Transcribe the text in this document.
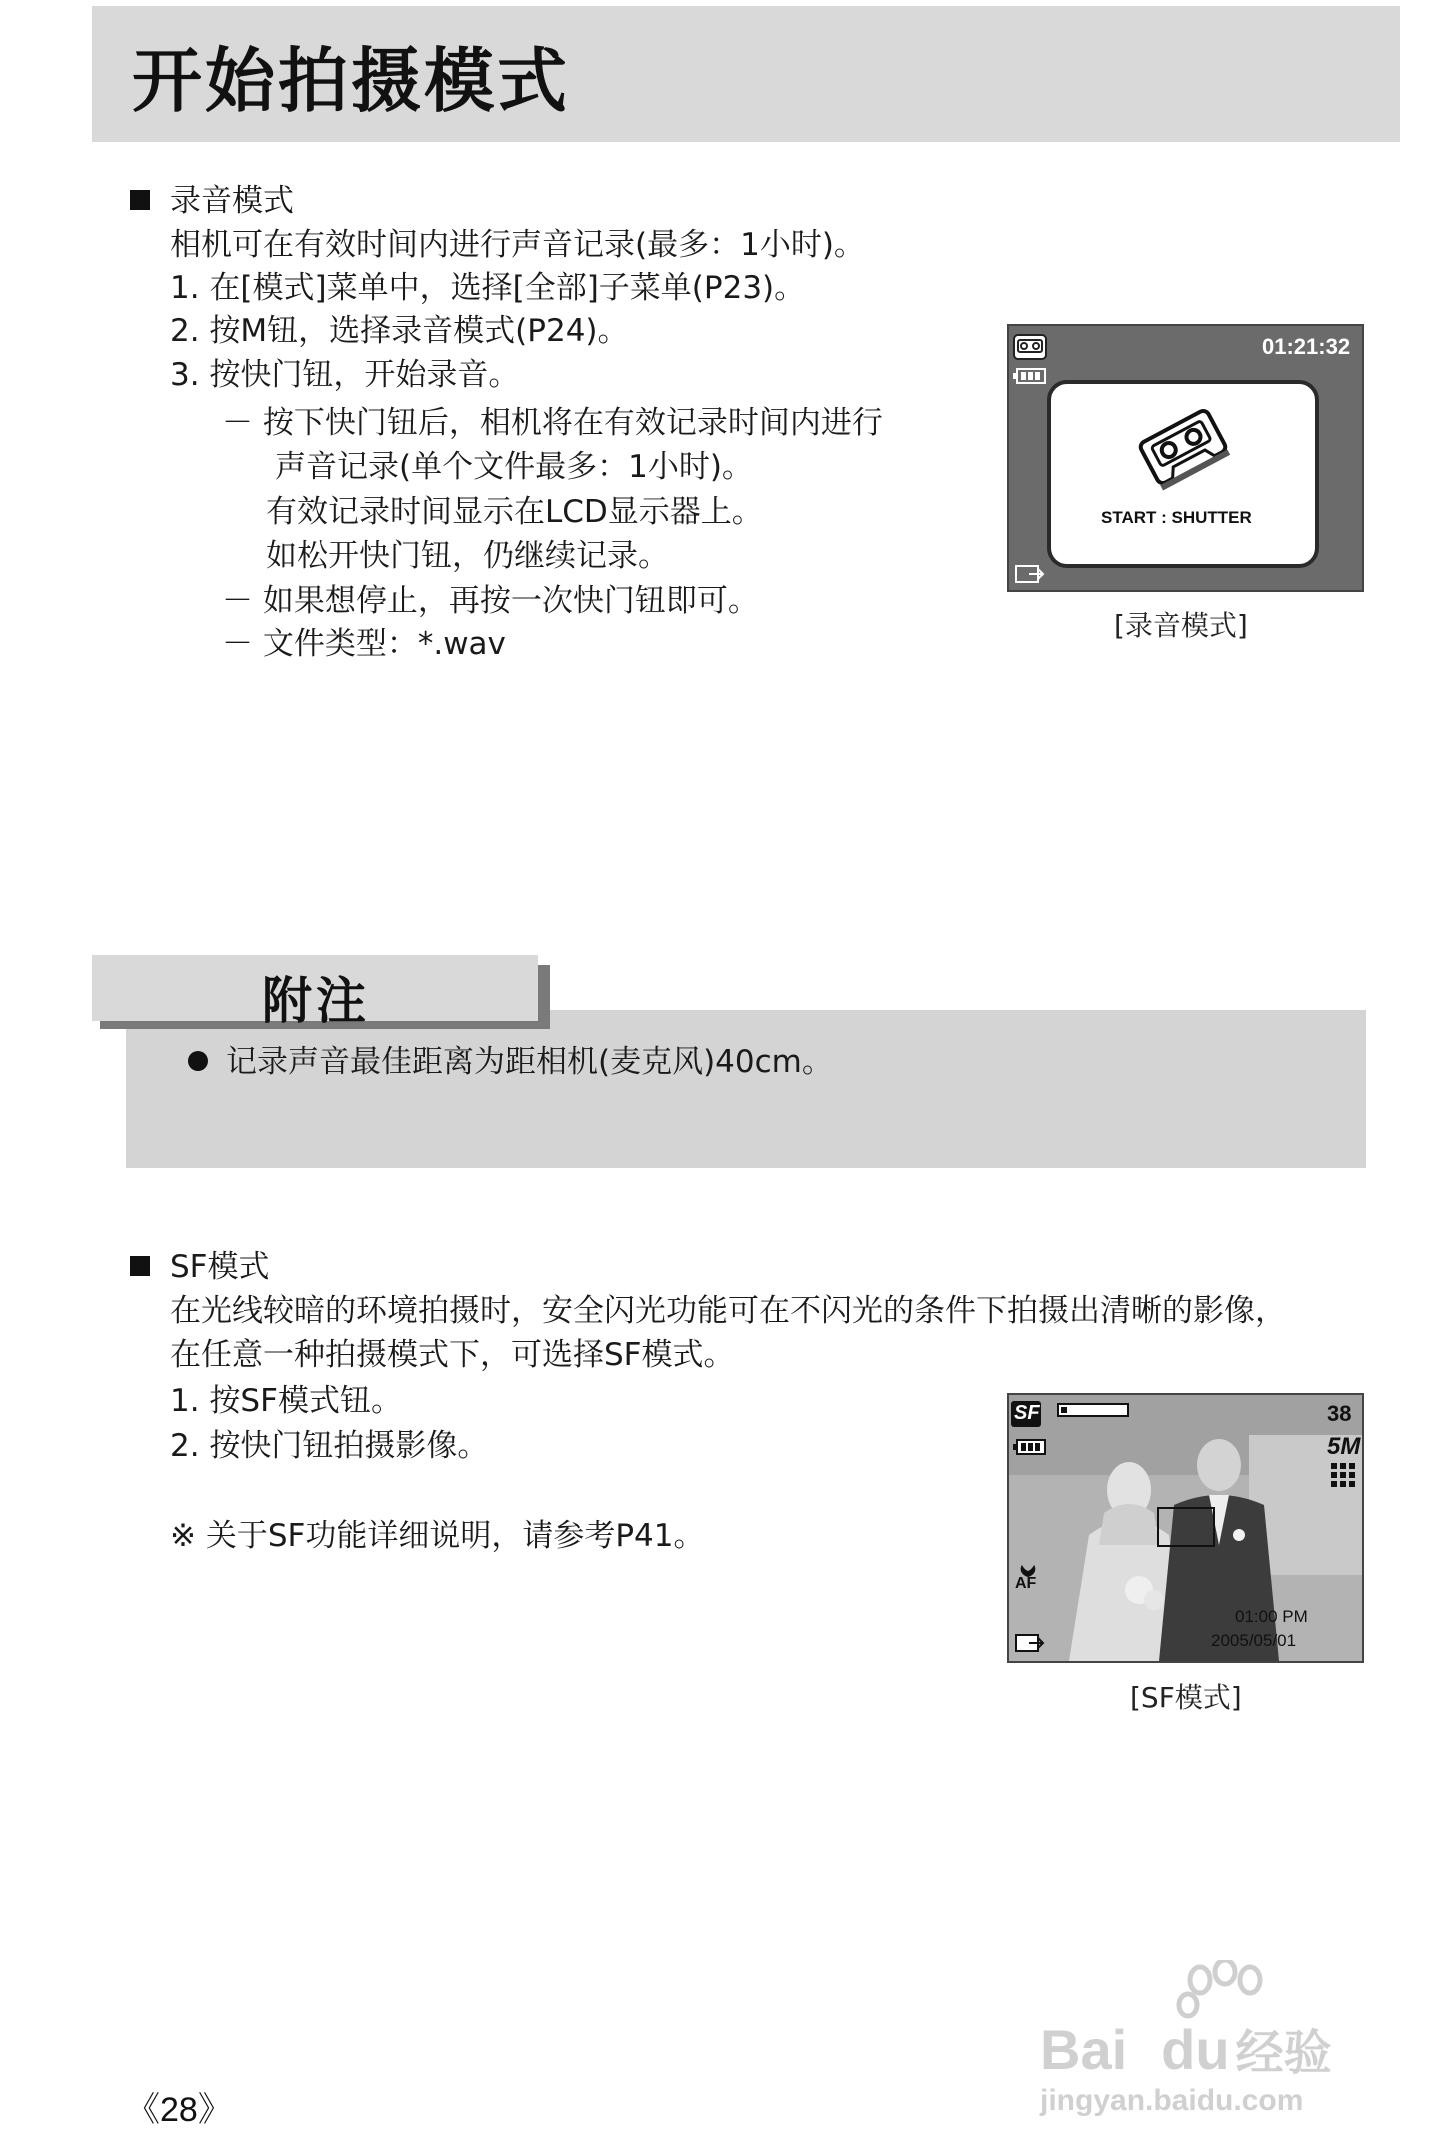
开始拍摄模式
录音模式
相机可在有效时间内进行声音记录(最多：1小时)。
1. 在[模式]菜单中，选择[全部]子菜单(P23)。
2. 按M钮，选择录音模式(P24)。
3. 按快门钮，开始录音。
－ 按下快门钮后，相机将在有效记录时间内进行
声音记录(单个文件最多：1小时)。
有效记录时间显示在LCD显示器上。
如松开快门钮，仍继续记录。
－ 如果想停止，再按一次快门钮即可。
－ 文件类型：*.wav
01:21:32
START : SHUTTER
[录音模式]
附注
记录声音最佳距离为距相机(麦克风)40cm。
SF模式
在光线较暗的环境拍摄时，安全闪光功能可在不闪光的条件下拍摄出清晰的影像，
在任意一种拍摄模式下，可选择SF模式。
1. 按SF模式钮。
2. 按快门钮拍摄影像。
※ 关于SF功能详细说明，请参考P41。
SF	38
5M
AF
01:00 PM
2005/05/01
[SF模式]
《28》
Bai du 经验
jingyan.baidu.com
